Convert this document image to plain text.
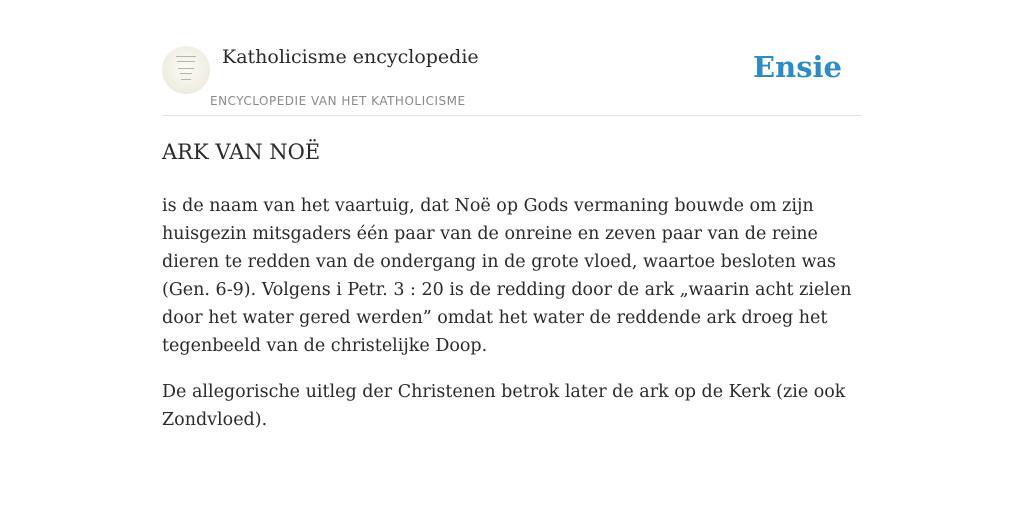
Katholicisme encyclopedie
ENCYCLOPEDIE VAN HET KATHOLICISME
Ensie
ARK VAN NOË

is de naam van het vaartuig, dat Noë op Gods vermaning bouwde om zijn huisgezin mitsgaders één paar van de onreine en zeven paar van de reine dieren te redden van de ondergang in de grote vloed, waartoe besloten was (Gen. 6-9). Volgens i Petr. 3 : 20 is de redding door de ark „waarin acht zielen door het water gered werden” omdat het water de reddende ark droeg het tegenbeeld van de christelijke Doop.

De allegorische uitleg der Christenen betrok later de ark op de Kerk (zie ook Zondvloed).
